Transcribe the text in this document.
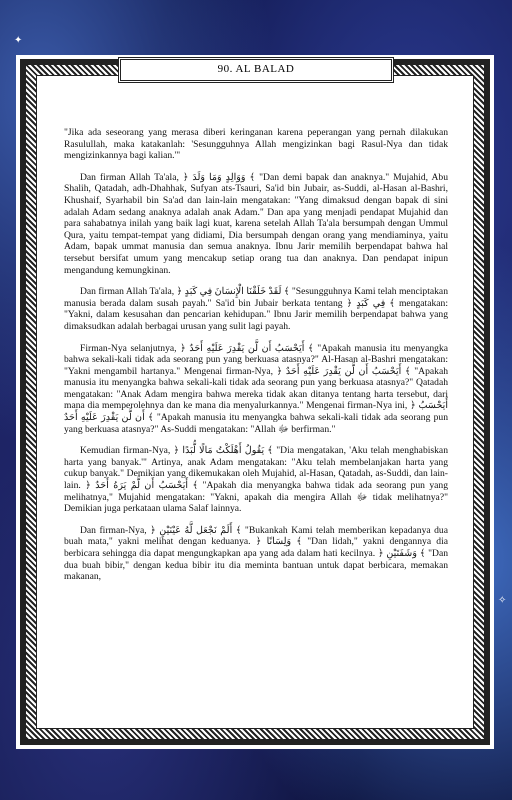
✦
✧
90. AL BALAD

"Jika ada seseorang yang merasa diberi keringanan karena peperangan yang pernah dilakukan Rasulullah, maka katakanlah: 'Sesungguhnya Allah mengizinkan bagi Rasul-Nya dan tidak mengizinkannya bagi kalian.'"

Dan firman Allah Ta'ala, ﴿ وَوَالِدٍ وَمَا وَلَدَ ﴾ "Dan demi bapak dan anaknya." Mujahid, Abu Shalih, Qatadah, adh-Dhahhak, Sufyan ats-Tsauri, Sa'id bin Jubair, as-Suddi, al-Hasan al-Bashri, Khushaif, Syarhabil bin Sa'ad dan lain-lain mengatakan: "Yang dimaksud dengan bapak di sini adalah Adam sedang anaknya adalah anak Adam." Dan apa yang menjadi pendapat Mujahid dan para sahabatnya inilah yang baik lagi kuat, karena setelah Allah Ta'ala bersumpah dengan Ummul Qura, yaitu tempat-tempat yang didiami, Dia bersumpah dengan orang yang mendiaminya, yaitu Adam, bapak ummat manusia dan semua anaknya. Ibnu Jarir memilih berpendapat bahwa hal tersebut bersifat umum yang mencakup setiap orang tua dan anaknya. Dan pendapat inipun mengandung kemungkinan.

Dan firman Allah Ta'ala, ﴿ لَقَدْ خَلَقْنَا الْإِنسَانَ فِي كَبَدٍ ﴾ "Sesungguhnya Kami telah menciptakan manusia berada dalam susah payah." Sa'id bin Jubair berkata tentang ﴿ فِي كَبَدٍ ﴾ mengatakan: "Yakni, dalam kesusahan dan pencarian kehidupan." Ibnu Jarir memilih berpendapat bahwa yang dimaksudkan adalah berbagai urusan yang sulit lagi payah.

Firman-Nya selanjutnya, ﴿ أَيَحْسَبُ أَن لَّن يَقْدِرَ عَلَيْهِ أَحَدٌ ﴾ "Apakah manusia itu menyangka bahwa sekali-kali tidak ada seorang pun yang berkuasa atasnya?" Al-Hasan al-Bashri mengatakan: "Yakni mengambil hartanya." Mengenai firman-Nya, ﴿ أَيَحْسَبُ أَن لَّن يَقْدِرَ عَلَيْهِ أَحَدٌ ﴾ "Apakah manusia itu menyangka bahwa sekali-kali tidak ada seorang pun yang berkuasa atasnya?" Qatadah mengatakan: "Anak Adam mengira bahwa mereka tidak akan ditanya tentang harta tersebut, dari mana dia memperolehnya dan ke mana dia menyalurkannya." Mengenai firman-Nya ini, ﴿ أَيَحْسَبُ أَن لَّن يَقْدِرَ عَلَيْهِ أَحَدٌ ﴾ "Apakah manusia itu menyangka bahwa sekali-kali tidak ada seorang pun yang berkuasa atasnya?" As-Suddi mengatakan: "Allah ﷻ berfirman."

Kemudian firman-Nya, ﴿ يَقُولُ أَهْلَكْتُ مَالًا لُّبَدًا ﴾ "Dia mengatakan, 'Aku telah menghabiskan harta yang banyak.'" Artinya, anak Adam mengatakan: "Aku telah membelanjakan harta yang cukup banyak." Demikian yang dikemukakan oleh Mujahid, al-Hasan, Qatadah, as-Suddi, dan lain-lain. ﴿ أَيَحْسَبُ أَن لَّمْ يَرَهُ أَحَدٌ ﴾ "Apakah dia menyangka bahwa tidak ada seorang pun yang melihatnya," Mujahid mengatakan: "Yakni, apakah dia mengira Allah ﷻ tidak melihatnya?" Demikian juga perkataan ulama Salaf lainnya.

Dan firman-Nya, ﴿ أَلَمْ نَجْعَل لَّهُ عَيْنَيْنِ ﴾ "Bukankah Kami telah memberikan kepadanya dua buah mata," yakni melihat dengan keduanya. ﴿ وَلِسَانًا ﴾ "Dan lidah," yakni dengannya dia berbicara sehingga dia dapat mengungkapkan apa yang ada dalam hati kecilnya. ﴿ وَشَفَتَيْنِ ﴾ "Dan dua buah bibir," dengan kedua bibir itu dia meminta bantuan untuk dapat berbicara, memakan makanan,
